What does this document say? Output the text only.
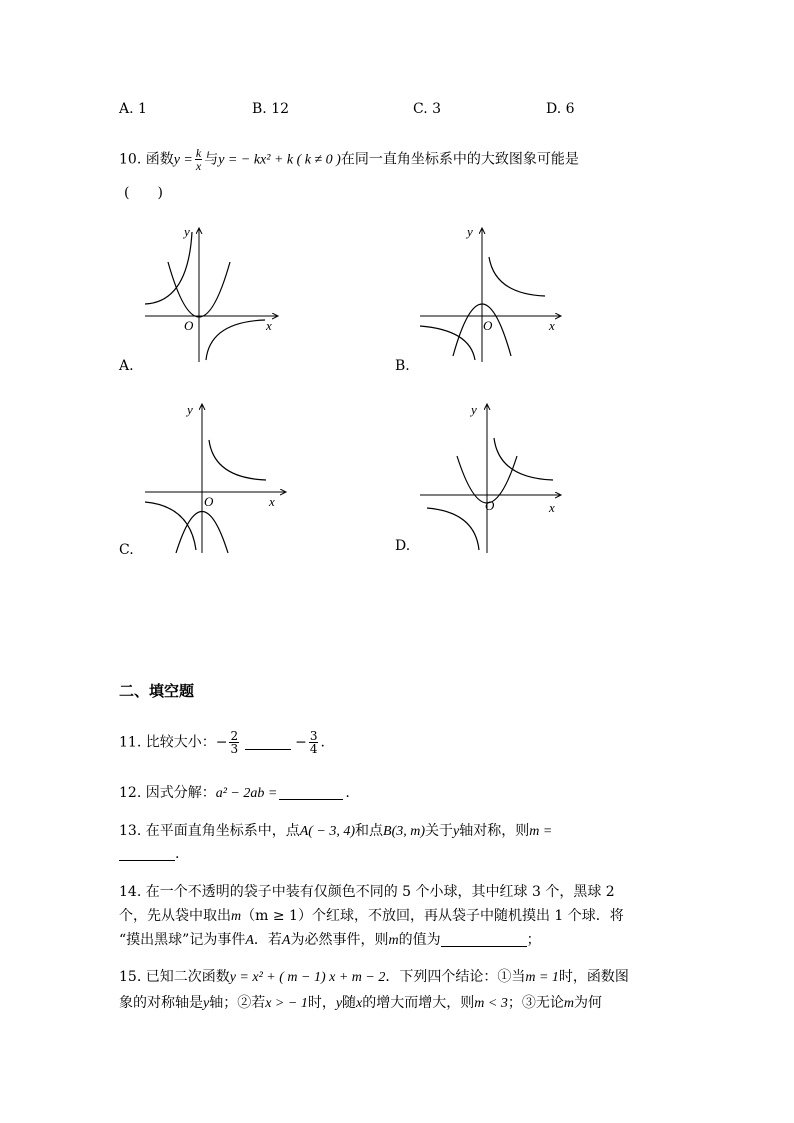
A. 1	B. 12	C. 3	D. 6
10. 函数$y = \frac{k}{x}$ 与y = − kx² + k ( k ≠ 0 )在同一直角坐标系中的大致图象可能是
(　　)
y
x
O
A.
y
x
O
B.
y
x
O
C.
y
x
O
D.
二、填空题
11. 比较大小：− $\frac{2}{3}$	− $\frac{3}{4}$ .
12. 因式分解：a² − 2ab =	.
13. 在平面直角坐标系中，点A( − 3, 4)和点B(3, m)关于y轴对称，则m =
.
14. 在一个不透明的袋子中装有仅颜色不同的 5 个小球，其中红球 3 个，黑球 2
个，先从袋中取出m（m ≥ 1）个红球，不放回，再从袋子中随机摸出 1 个球．将
“摸出黑球”记为事件A．若A为必然事件，则m的值为	；
15. 已知二次函数y = x² + ( m − 1) x + m − 2．下列四个结论：①当m = 1时，函数图
象的对称轴是y轴；②若x > − 1时，y随x的增大而增大，则m < 3；③无论m为何
